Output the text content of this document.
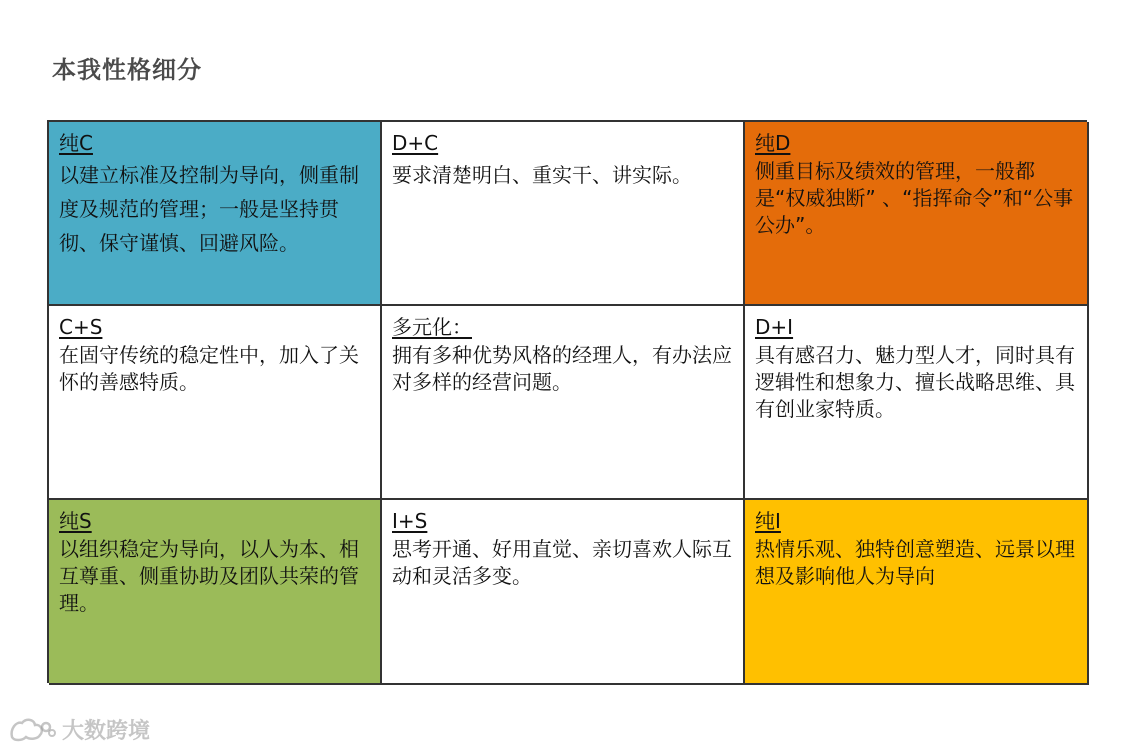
本我性格细分
纯C
以建立标准及控制为导向，侧重制度及规范的管理；一般是坚持贯彻、保守谨慎、回避风险。
D+C
要求清楚明白、重实干、讲实际。
纯D
侧重目标及绩效的管理，一般都是“权威独断” 、“指挥命令”和“公事公办”。
C+S
在固守传统的稳定性中，加入了关怀的善感特质。
多元化：
拥有多种优势风格的经理人，有办法应对多样的经营问题。
D+I
具有感召力、魅力型人才，同时具有逻辑性和想象力、擅长战略思维、具有创业家特质。
纯S
以组织稳定为导向，以人为本、相互尊重、侧重协助及团队共荣的管理。
I+S
思考开通、好用直觉、亲切喜欢人际互动和灵活多变。
纯I
热情乐观、独特创意塑造、远景以理想及影响他人为导向
大数跨境
